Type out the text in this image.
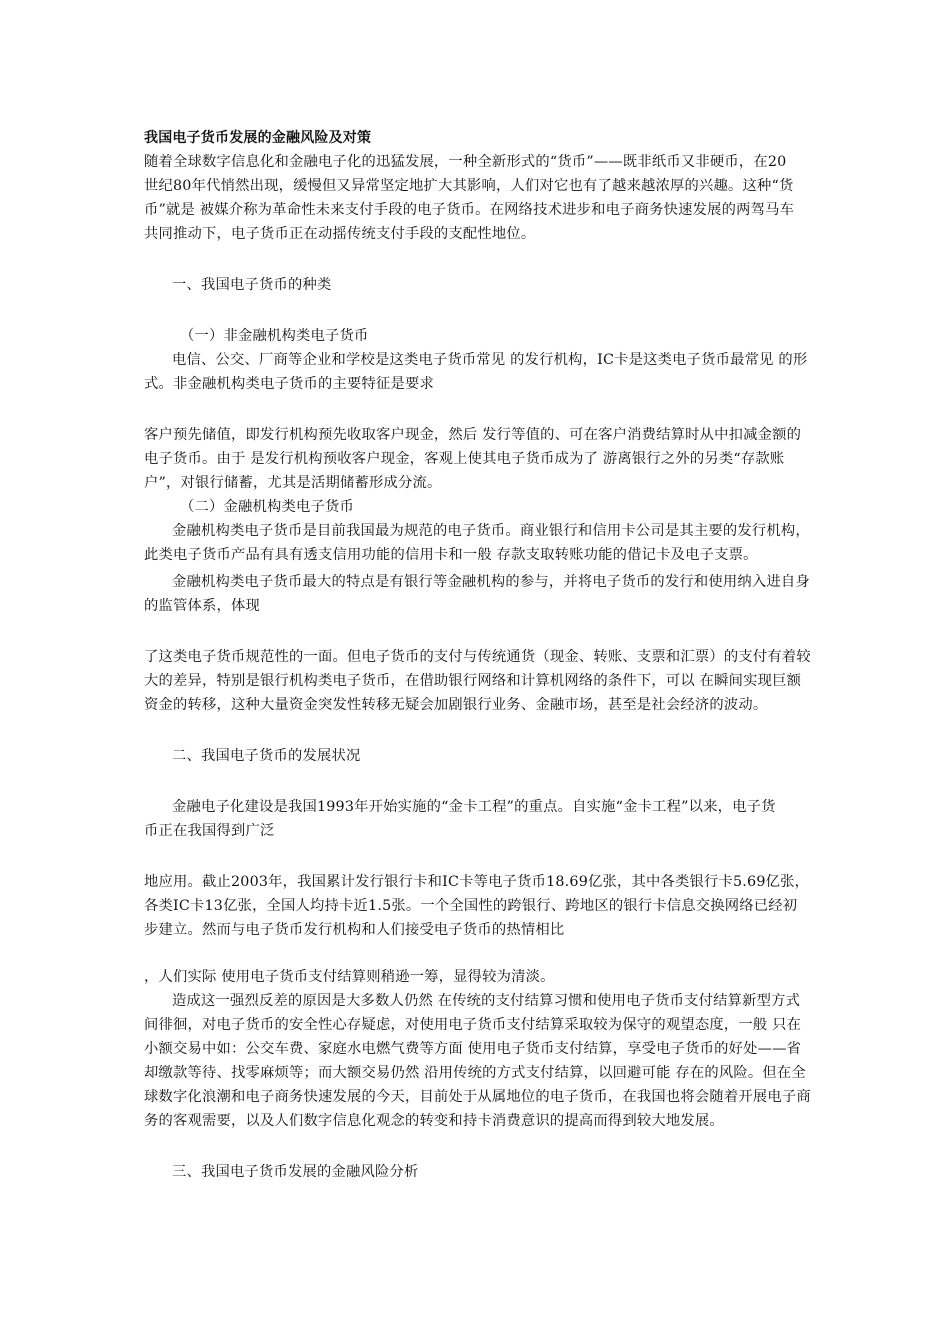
我国电子货币发展的金融风险及对策

随着全球数字信息化和金融电子化的迅猛发展，一种全新形式的“货币”——既非纸币又非硬币，在20

世纪80年代悄然出现，缓慢但又异常坚定地扩大其影响，人们对它也有了越来越浓厚的兴趣。这种“货

币”就是 被媒介称为革命性未来支付手段的电子货币。在网络技术进步和电子商务快速发展的两驾马车

共同推动下，电子货币正在动摇传统支付手段的支配性地位。

一、我国电子货币的种类

（一）非金融机构类电子货币

电信、公交、厂商等企业和学校是这类电子货币常见 的发行机构，IC卡是这类电子货币最常见 的形

式。非金融机构类电子货币的主要特征是要求

客户预先储值，即发行机构预先收取客户现金，然后 发行等值的、可在客户消费结算时从中扣减金额的

电子货币。由于 是发行机构预收客户现金，客观上使其电子货币成为了 游离银行之外的另类“存款账

户”，对银行储蓄，尤其是活期储蓄形成分流。

（二）金融机构类电子货币

金融机构类电子货币是目前我国最为规范的电子货币。商业银行和信用卡公司是其主要的发行机构，

此类电子货币产品有具有透支信用功能的信用卡和一般 存款支取转账功能的借记卡及电子支票。

金融机构类电子货币最大的特点是有银行等金融机构的参与，并将电子货币的发行和使用纳入进自身

的监管体系，体现

了这类电子货币规范性的一面。但电子货币的支付与传统通货（现金、转账、支票和汇票）的支付有着较

大的差异，特别是银行机构类电子货币，在借助银行网络和计算机网络的条件下，可以 在瞬间实现巨额

资金的转移，这种大量资金突发性转移无疑会加剧银行业务、金融市场，甚至是社会经济的波动。

二、我国电子货币的发展状况

金融电子化建设是我国1993年开始实施的“金卡工程”的重点。自实施“金卡工程”以来，电子货

币正在我国得到广泛

地应用。截止2003年，我国累计发行银行卡和IC卡等电子货币18.69亿张，其中各类银行卡5.69亿张，

各类IC卡13亿张，全国人均持卡近1.5张。一个全国性的跨银行、跨地区的银行卡信息交换网络已经初

步建立。然而与电子货币发行机构和人们接受电子货币的热情相比

，人们实际 使用电子货币支付结算则稍逊一筹，显得较为清淡。

造成这一强烈反差的原因是大多数人仍然 在传统的支付结算习惯和使用电子货币支付结算新型方式

间徘徊，对电子货币的安全性心存疑虑，对使用电子货币支付结算采取较为保守的观望态度，一般 只在

小额交易中如：公交车费、家庭水电燃气费等方面 使用电子货币支付结算，享受电子货币的好处——省

却缴款等待、找零麻烦等；而大额交易仍然 沿用传统的方式支付结算，以回避可能 存在的风险。但在全

球数字化浪潮和电子商务快速发展的今天，目前处于从属地位的电子货币，在我国也将会随着开展电子商

务的客观需要，以及人们数字信息化观念的转变和持卡消费意识的提高而得到较大地发展。

三、我国电子货币发展的金融风险分析
